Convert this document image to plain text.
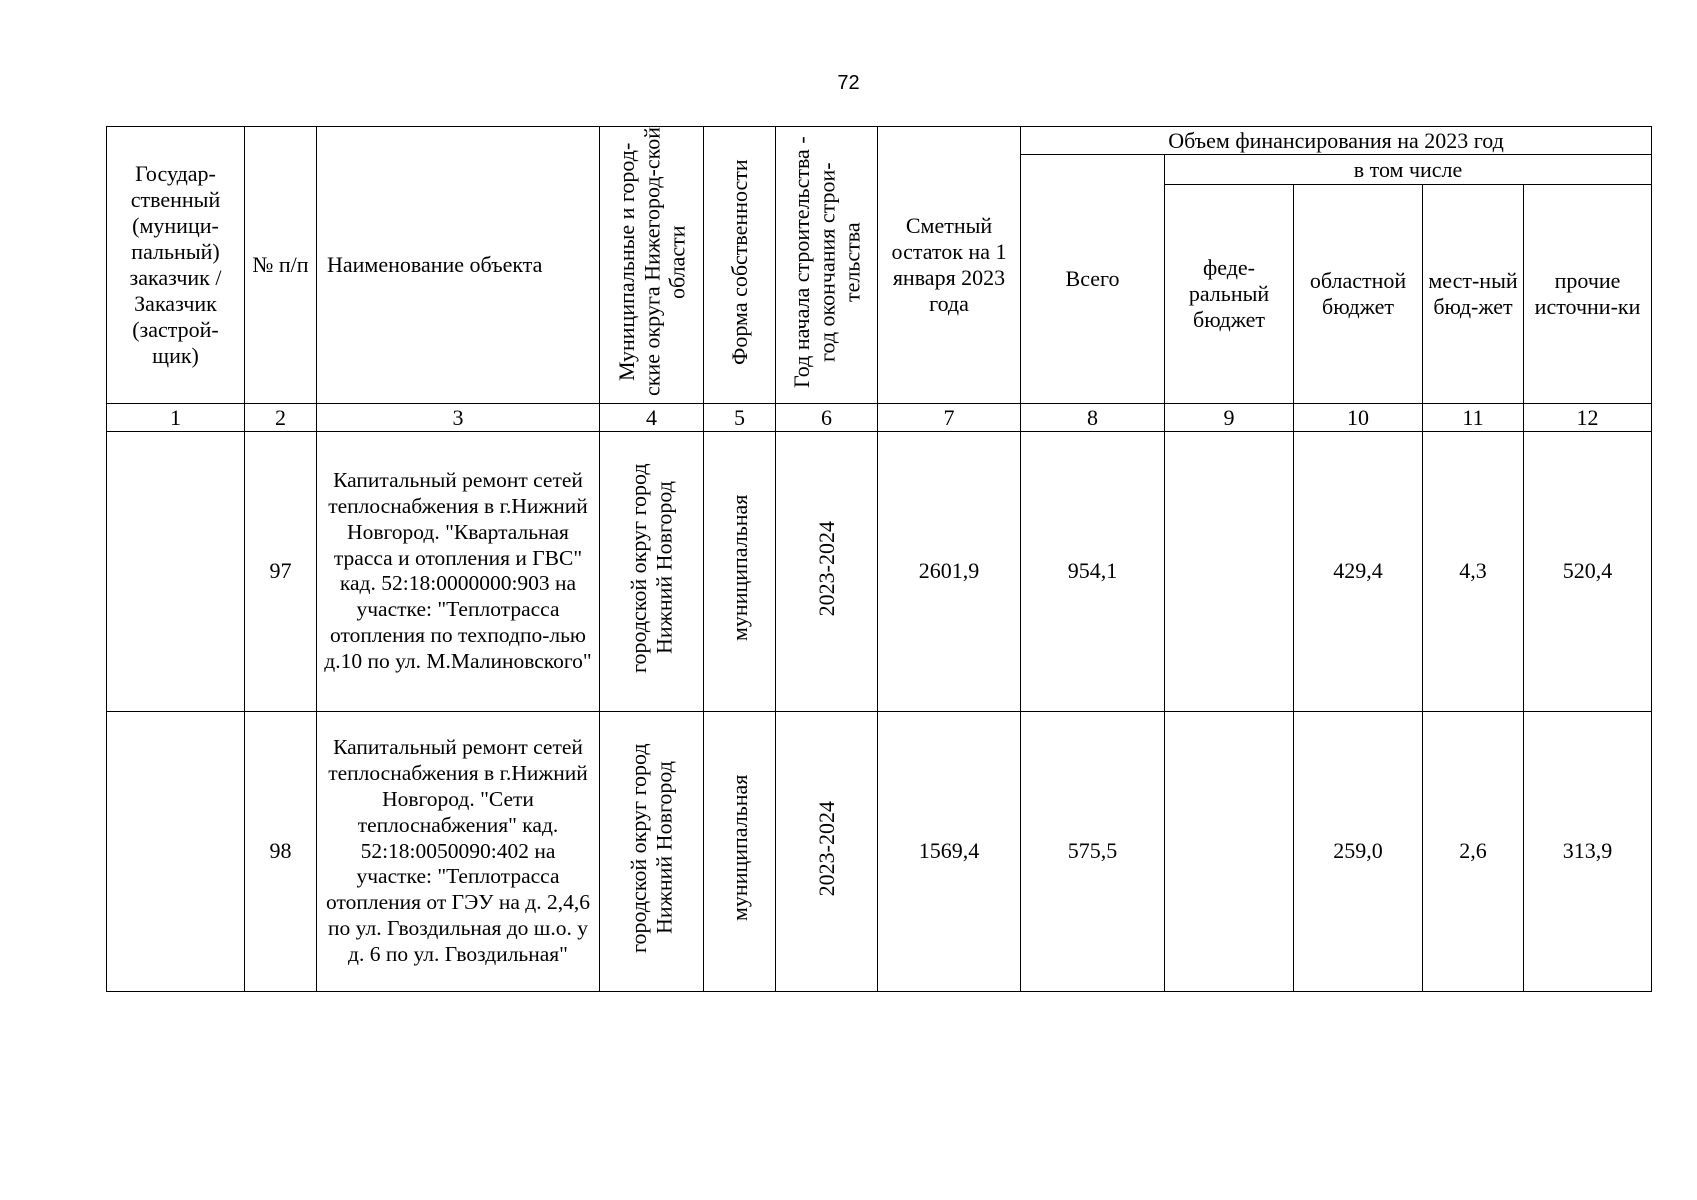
72
Государ-ственный (муници-пальный) заказчик / Заказчик (застрой-щик)	№ п/п	Наименование объекта	Муниципальные и город-ские округа Нижегород-ской области	Форма собственности	Год начала строительства - год окончания строи-тельства	Сметный остаток на 1 января 2023 года	Объем финансирования на 2023 год				
							Всего	в том числе			
								феде-ральный бюджет	областной бюджет	мест-ный бюд-жет	прочие источни-ки
1	2	3	4	5	6	7	8	9	10	11	12
	97	Капитальный ремонт сетей теплоснабжения в г.Нижний Новгород. "Квартальная трасса и отопления и ГВС" кад. 52:18:0000000:903 на участке: "Теплотрасса отопления по техподпо-лью д.10 по ул. М.Малиновского"	городской округ город Нижний Новгород	муниципальная	2023-2024	2601,9	954,1		429,4	4,3	520,4
	98	Капитальный ремонт сетей теплоснабжения в г.Нижний Новгород. "Сети теплоснабжения" кад. 52:18:0050090:402 на участке: "Теплотрасса отопления от ГЭУ на д. 2,4,6 по ул. Гвоздильная до ш.о. у д. 6 по ул. Гвоздильная"	городской округ город Нижний Новгород	муниципальная	2023-2024	1569,4	575,5		259,0	2,6	313,9
